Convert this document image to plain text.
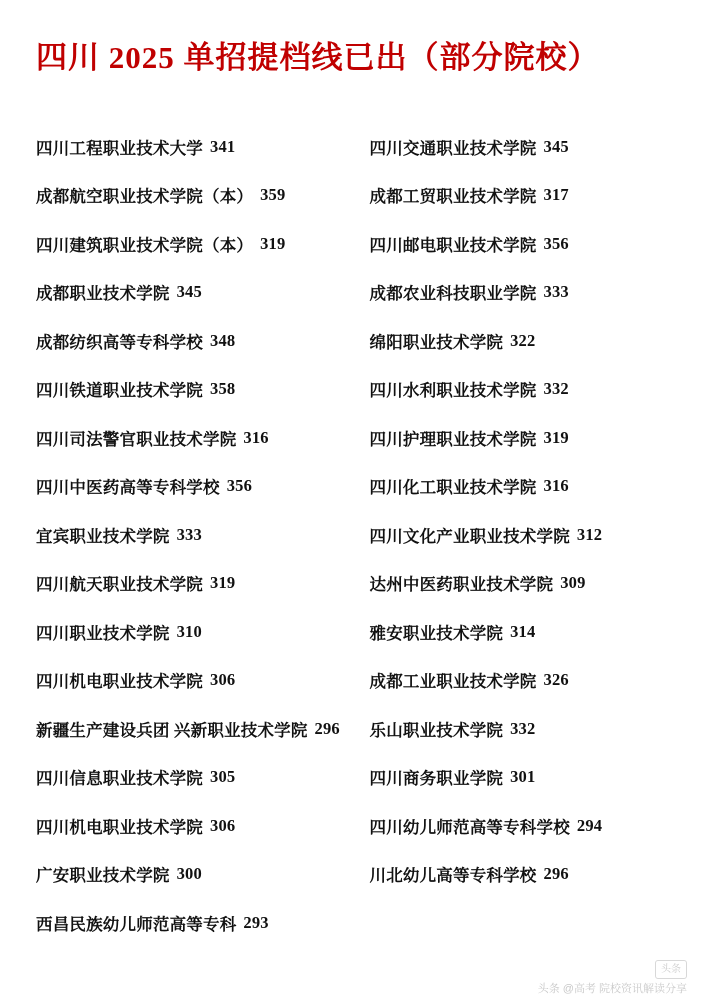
四川 2025 单招提档线已出（部分院校）
四川工程职业技术大学 341
成都航空职业技术学院（本） 359
四川建筑职业技术学院（本） 319
成都职业技术学院 345
成都纺织高等专科学校 348
四川铁道职业技术学院 358
四川司法警官职业技术学院 316
四川中医药高等专科学校 356
宜宾职业技术学院 333
四川航天职业技术学院 319
四川职业技术学院 310
四川机电职业技术学院 306
新疆生产建设兵团 兴新职业技术学院 296
四川信息职业技术学院 305
四川机电职业技术学院 306
广安职业技术学院 300
西昌民族幼儿师范高等专科 293
四川交通职业技术学院 345
成都工贸职业技术学院 317
四川邮电职业技术学院 356
成都农业科技职业学院 333
绵阳职业技术学院 322
四川水利职业技术学院 332
四川护理职业技术学院 319
四川化工职业技术学院 316
四川文化产业职业技术学院 312
达州中医药职业技术学院 309
雅安职业技术学院 314
成都工业职业技术学院 326
乐山职业技术学院 332
四川商务职业学院 301
四川幼儿师范高等专科学校 294
川北幼儿高等专科学校 296
头条
头条 @高考 院校资讯解读分享
